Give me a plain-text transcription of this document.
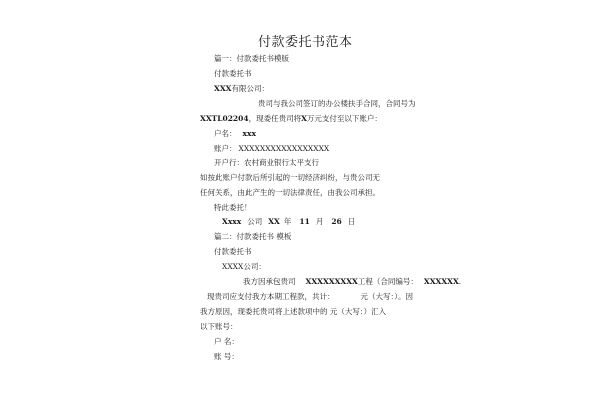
付款委托书范本
篇一：付款委托书模版
付款委托书
XXX有限公司：
贵司与我公司签订的办公楼扶手合同，合同号为
XXTL02204，现委任贵司将X万元支付至以下账户：
户名： xxx
账户： XXXXXXXXXXXXXXXXX
开户行：农村商业银行太平支行
如按此账户付款后所引起的一切经济纠纷，与贵公司无
任何关系，由此产生的一切法律责任，由我公司承担。
特此委托！
Xxxx 公司 XX 年 11 月 26 日
篇二：付款委托书 模板
付款委托书
XXXX公司：
我方因承包贵司 XXXXXXXXX工程（合同编号： XXXXXX.
现贵司应支付我方本期工程款，共计：	元（大写：）。因
我方原因，现委托贵司将上述款项中的 元（大写：）汇入
以下账号：
户 名：
账 号：
